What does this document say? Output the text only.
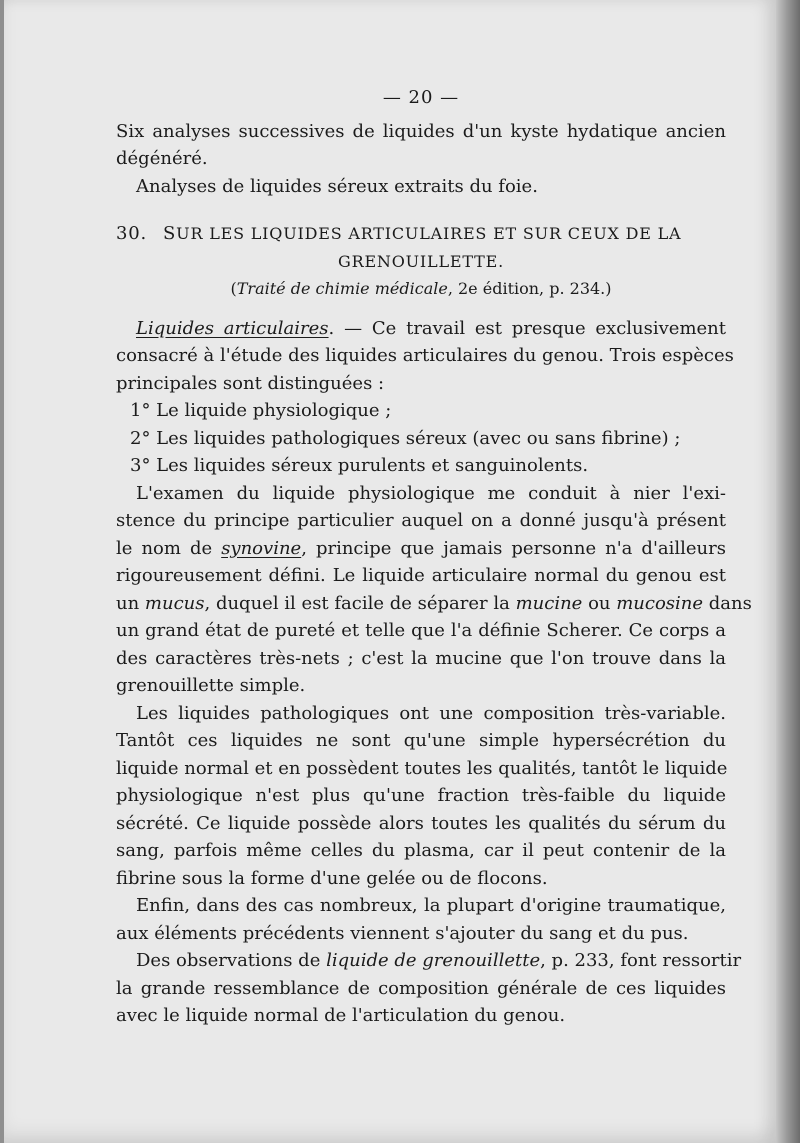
— 20 —
Six analyses successives de liquides d'un kyste hydatique ancien
dégénéré.
Analyses de liquides séreux extraits du foie.
30. SUR LES LIQUIDES ARTICULAIRES ET SUR CEUX DE LA
GRENOUILLETTE.
(Traité de chimie médicale, 2e édition, p. 234.)
Liquides articulaires. — Ce travail est presque exclusivement
consacré à l'étude des liquides articulaires du genou. Trois espèces
principales sont distinguées :
1° Le liquide physiologique ;
2° Les liquides pathologiques séreux (avec ou sans fibrine) ;
3° Les liquides séreux purulents et sanguinolents.
L'examen du liquide physiologique me conduit à nier l'exi-
stence du principe particulier auquel on a donné jusqu'à présent
le nom de synovine, principe que jamais personne n'a d'ailleurs
rigoureusement défini. Le liquide articulaire normal du genou est
un mucus, duquel il est facile de séparer la mucine ou mucosine dans
un grand état de pureté et telle que l'a définie Scherer. Ce corps a
des caractères très-nets ; c'est la mucine que l'on trouve dans la
grenouillette simple.
Les liquides pathologiques ont une composition très-variable.
Tantôt ces liquides ne sont qu'une simple hypersécrétion du
liquide normal et en possèdent toutes les qualités, tantôt le liquide
physiologique n'est plus qu'une fraction très-faible du liquide
sécrété. Ce liquide possède alors toutes les qualités du sérum du
sang, parfois même celles du plasma, car il peut contenir de la
fibrine sous la forme d'une gelée ou de flocons.
Enfin, dans des cas nombreux, la plupart d'origine traumatique,
aux éléments précédents viennent s'ajouter du sang et du pus.
Des observations de liquide de grenouillette, p. 233, font ressortir
la grande ressemblance de composition générale de ces liquides
avec le liquide normal de l'articulation du genou.
